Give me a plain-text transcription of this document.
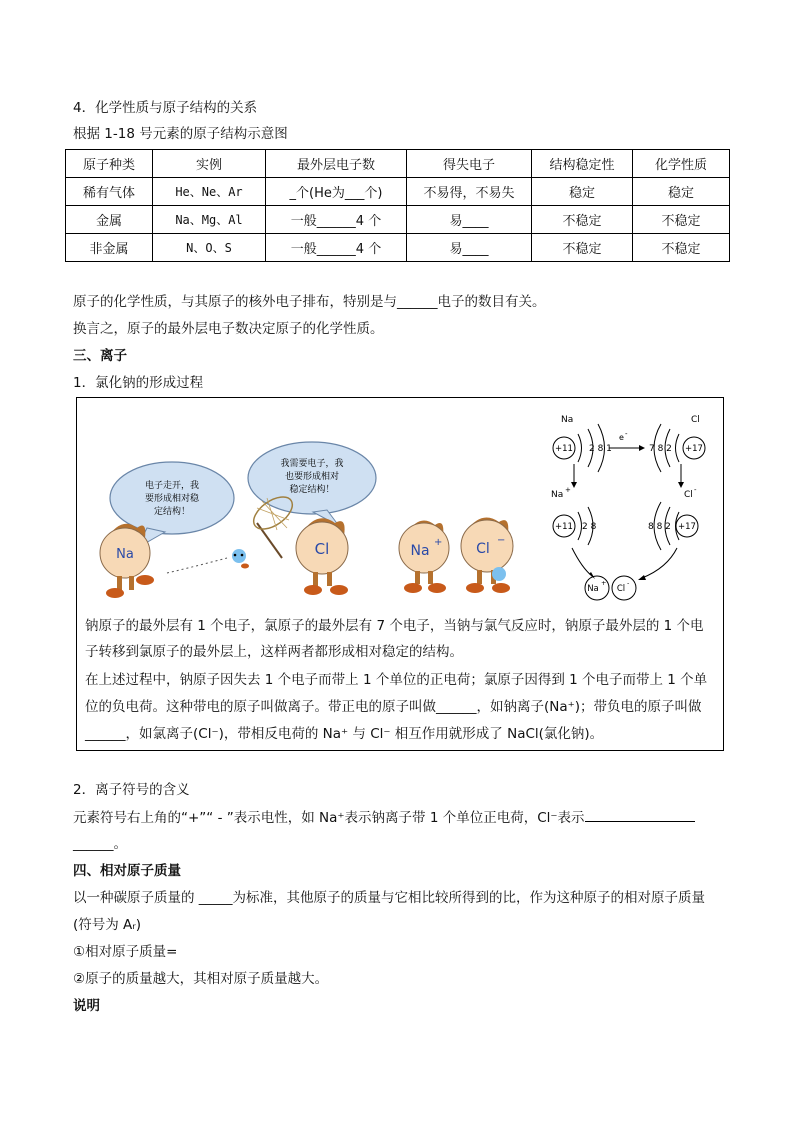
4．化学性质与原子结构的关系
根据 1-18 号元素的原子结构示意图
原子种类	实例	最外层电子数	得失电子	结构稳定性	化学性质
稀有气体	He、Ne、Ar	_个(He为___个)	不易得，不易失	稳定	稳定
金属	Na、Mg、Al	一般______4 个	易____	不稳定	不稳定
非金属	N、O、S	一般______4 个	易____	不稳定	不稳定
原子的化学性质，与其原子的核外电子排布，特别是与______电子的数目有关。
换言之，原子的最外层电子数决定原子的化学性质。
三、离子
1．氯化钠的形成过程
电子走开，我
要形成相对稳
定结构！
我需要电子，我
也要形成相对
稳定结构！
Na	Cl	Na
+ Cl
−
Na	Cl
+11 2 8 1
e -
7 8 2 +17
Na +
+11 2 8
Cl -
8 8 2 +17
Na
+
Cl
-
钠原子的最外层有 1 个电子，氯原子的最外层有 7 个电子，当钠与氯气反应时，钠原子最外层的 1 个电
子转移到氯原子的最外层上，这样两者都形成相对稳定的结构。
在上述过程中，钠原子因失去 1 个电子而带上 1 个单位的正电荷；氯原子因得到 1 个电子而带上 1 个单
位的负电荷。这种带电的原子叫做离子。带正电的原子叫做______，如钠离子(Na⁺)；带负电的原子叫做
______，如氯离子(Cl⁻)，带相反电荷的 Na⁺ 与 Cl⁻ 相互作用就形成了 NaCl(氯化钠)。
2．离子符号的含义
元素符号右上角的“+”“ - ”表示电性，如 Na⁺表示钠离子带 1 个单位正电荷，Cl⁻表示
______。
四、相对原子质量
以一种碳原子质量的 _____为标准，其他原子的质量与它相比较所得到的比，作为这种原子的相对原子质量
(符号为 Aᵣ)
①相对原子质量=
②原子的质量越大，其相对原子质量越大。
说明
